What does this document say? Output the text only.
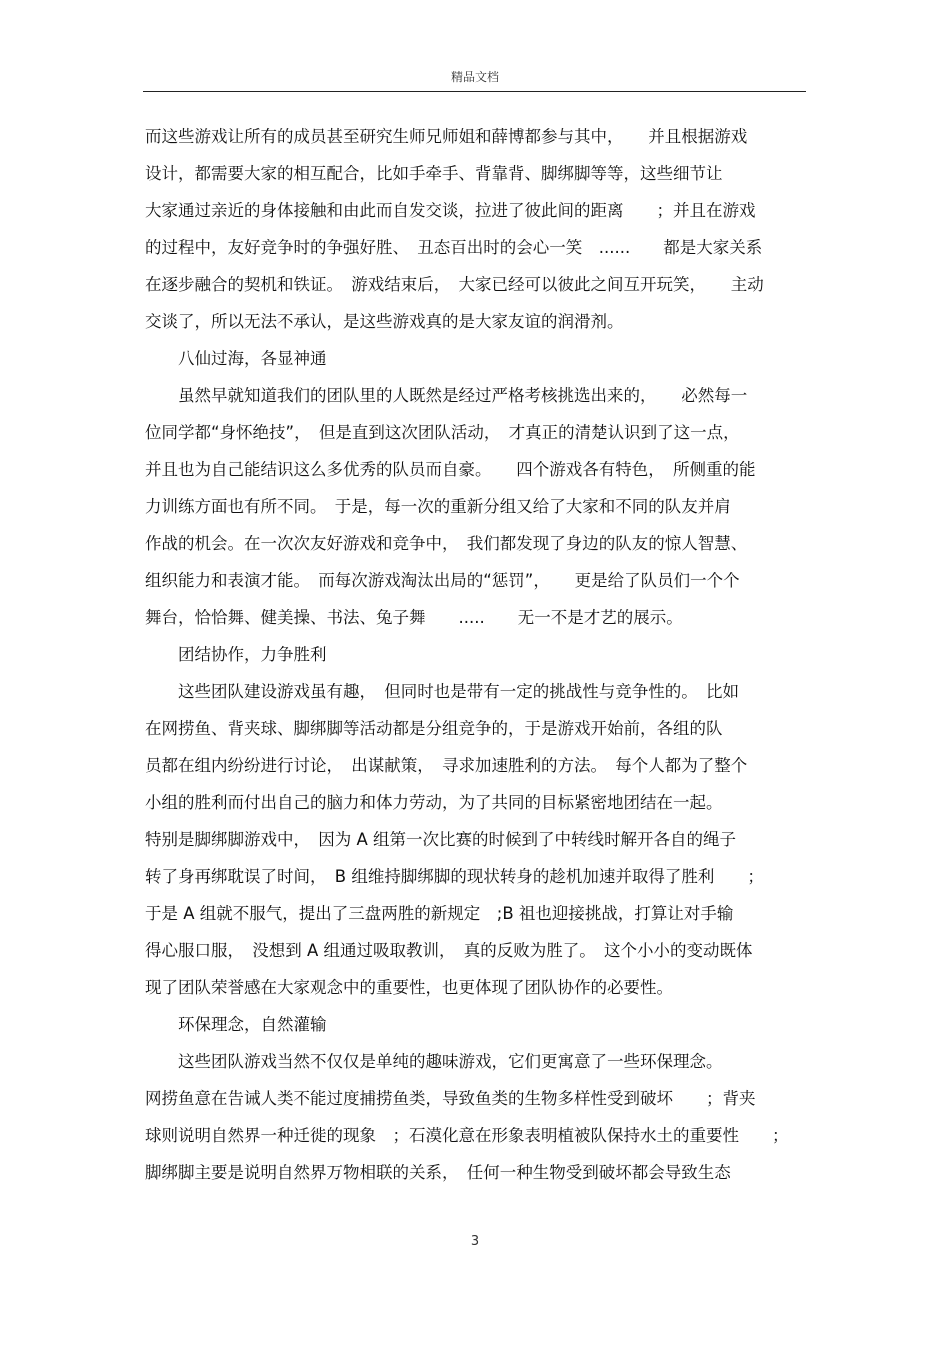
精品文档
而这些游戏让所有的成员甚至研究生师兄师姐和薛博都参与其中，　　并且根据游戏
设计，都需要大家的相互配合，比如手牵手、背靠背、脚绑脚等等，这些细节让
大家通过亲近的身体接触和由此而自发交谈，拉进了彼此间的距离　　；并且在游戏
的过程中，友好竞争时的争强好胜、　丑态百出时的会心一笑　......　　都是大家关系
在逐步融合的契机和铁证。　游戏结束后，　大家已经可以彼此之间互开玩笑，　　主动
交谈了，所以无法不承认，是这些游戏真的是大家友谊的润滑剂。
八仙过海，各显神通
虽然早就知道我们的团队里的人既然是经过严格考核挑选出来的，　　必然每一
位同学都“身怀绝技”，　但是直到这次团队活动，　才真正的清楚认识到了这一点，
并且也为自己能结识这么多优秀的队员而自豪。　　四个游戏各有特色，　所侧重的能
力训练方面也有所不同。　于是，每一次的重新分组又给了大家和不同的队友并肩
作战的机会。在一次次友好游戏和竞争中，　我们都发现了身边的队友的惊人智慧、
组织能力和表演才能。　而每次游戏淘汰出局的“惩罚”，　　更是给了队员们一个个
舞台，恰恰舞、健美操、书法、兔子舞　　.....　　无一不是才艺的展示。
团结协作，力争胜利
这些团队建设游戏虽有趣，　但同时也是带有一定的挑战性与竞争性的。　比如
在网捞鱼、背夹球、脚绑脚等活动都是分组竞争的，于是游戏开始前，各组的队
员都在组内纷纷进行讨论，　出谋献策，　寻求加速胜利的方法。　每个人都为了整个
小组的胜利而付出自己的脑力和体力劳动，为了共同的目标紧密地团结在一起。
特别是脚绑脚游戏中，　因为 A 组第一次比赛的时候到了中转线时解开各自的绳子
转了身再绑耽误了时间，　B 组维持脚绑脚的现状转身的趁机加速并取得了胜利　　；
于是 A 组就不服气，提出了三盘两胜的新规定　;B 祖也迎接挑战，打算让对手输
得心服口服，　没想到 A 组通过吸取教训，　真的反败为胜了。　这个小小的变动既体
现了团队荣誉感在大家观念中的重要性，也更体现了团队协作的必要性。
环保理念，自然灌输
这些团队游戏当然不仅仅是单纯的趣味游戏，它们更寓意了一些环保理念。
网捞鱼意在告诫人类不能过度捕捞鱼类，导致鱼类的生物多样性受到破坏　　；背夹
球则说明自然界一种迁徙的现象　；石漠化意在形象表明植被队保持水土的重要性　　；
脚绑脚主要是说明自然界万物相联的关系，　任何一种生物受到破坏都会导致生态
3
